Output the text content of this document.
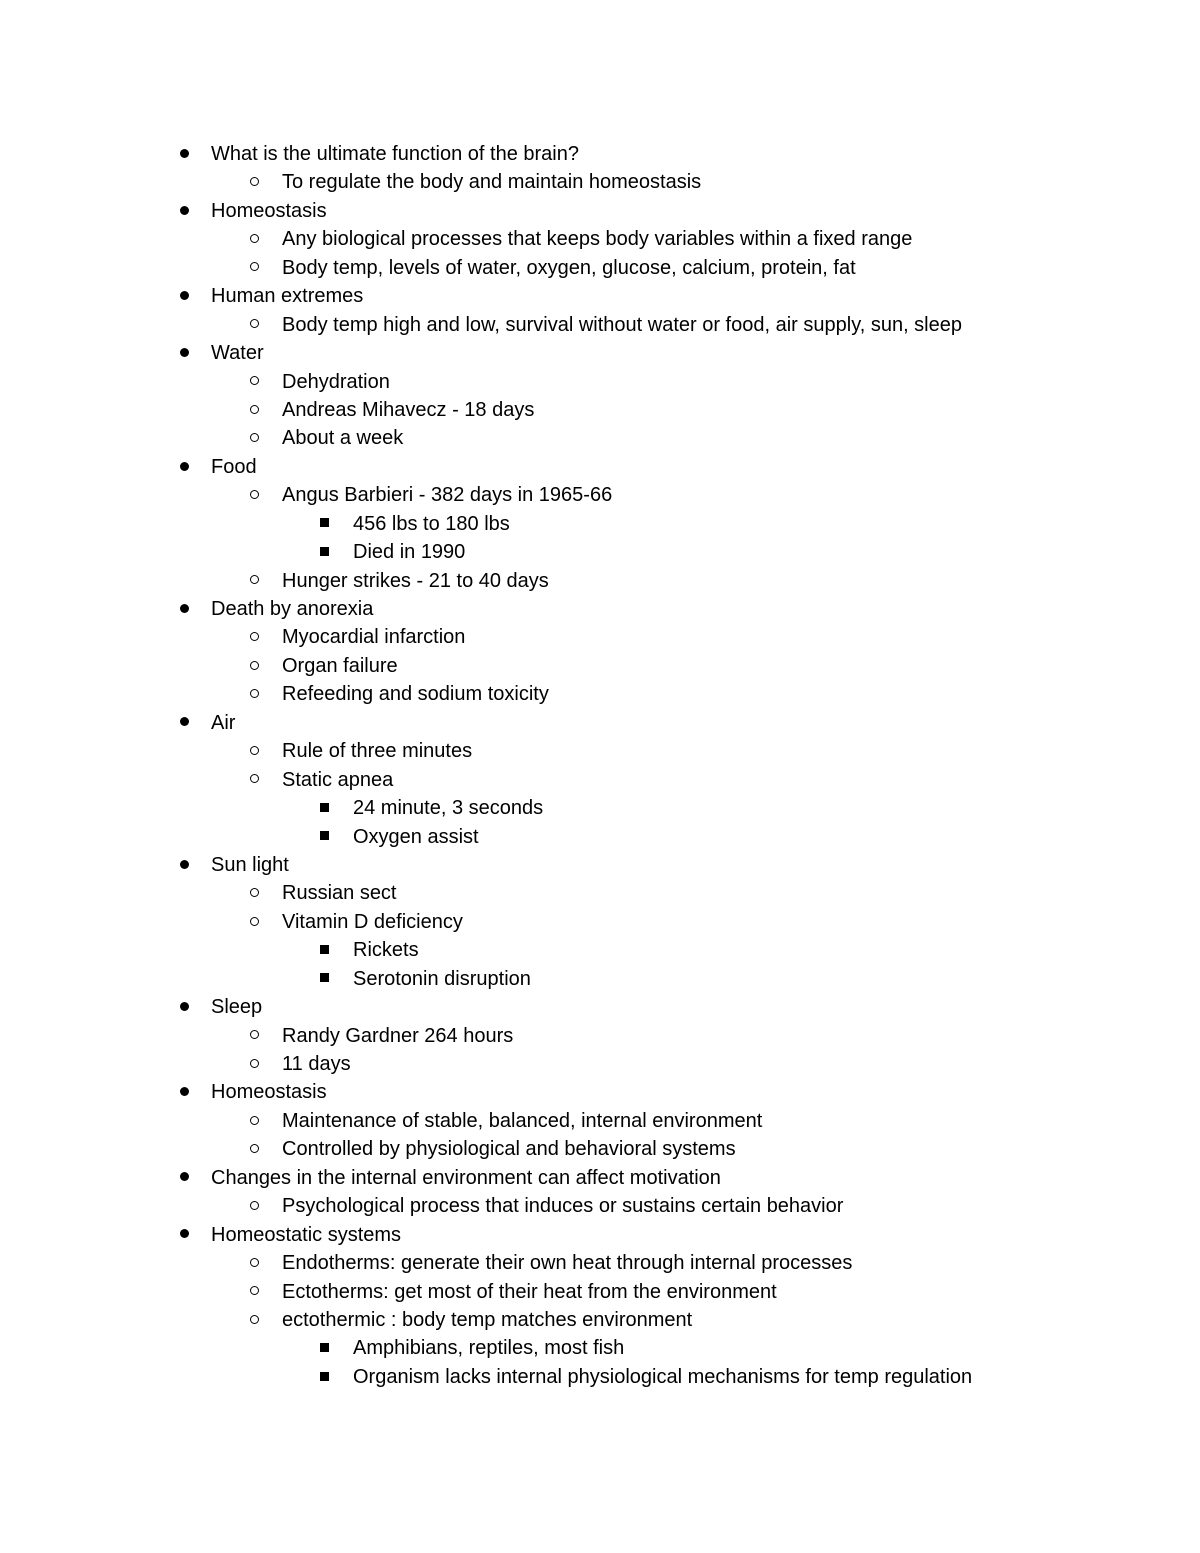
What is the ultimate function of the brain?
To regulate the body and maintain homeostasis
Homeostasis
Any biological processes that keeps body variables within a fixed range
Body temp, levels of water, oxygen, glucose, calcium, protein, fat
Human extremes
Body temp high and low, survival without water or food, air supply, sun, sleep
Water
Dehydration
Andreas Mihavecz - 18 days
About a week
Food
Angus Barbieri - 382 days in 1965-66
456 lbs to 180 lbs
Died in 1990
Hunger strikes - 21 to 40 days
Death by anorexia
Myocardial infarction
Organ failure
Refeeding and sodium toxicity
Air
Rule of three minutes
Static apnea
24 minute, 3 seconds
Oxygen assist
Sun light
Russian sect
Vitamin D deficiency
Rickets
Serotonin disruption
Sleep
Randy Gardner 264 hours
11 days
Homeostasis
Maintenance of stable, balanced, internal environment
Controlled by physiological and behavioral systems
Changes in the internal environment can affect motivation
Psychological process that induces or sustains certain behavior
Homeostatic systems
Endotherms: generate their own heat through internal processes
Ectotherms: get most of their heat from the environment
ectothermic : body temp matches environment
Amphibians, reptiles, most fish
Organism lacks internal physiological mechanisms for temp regulation
